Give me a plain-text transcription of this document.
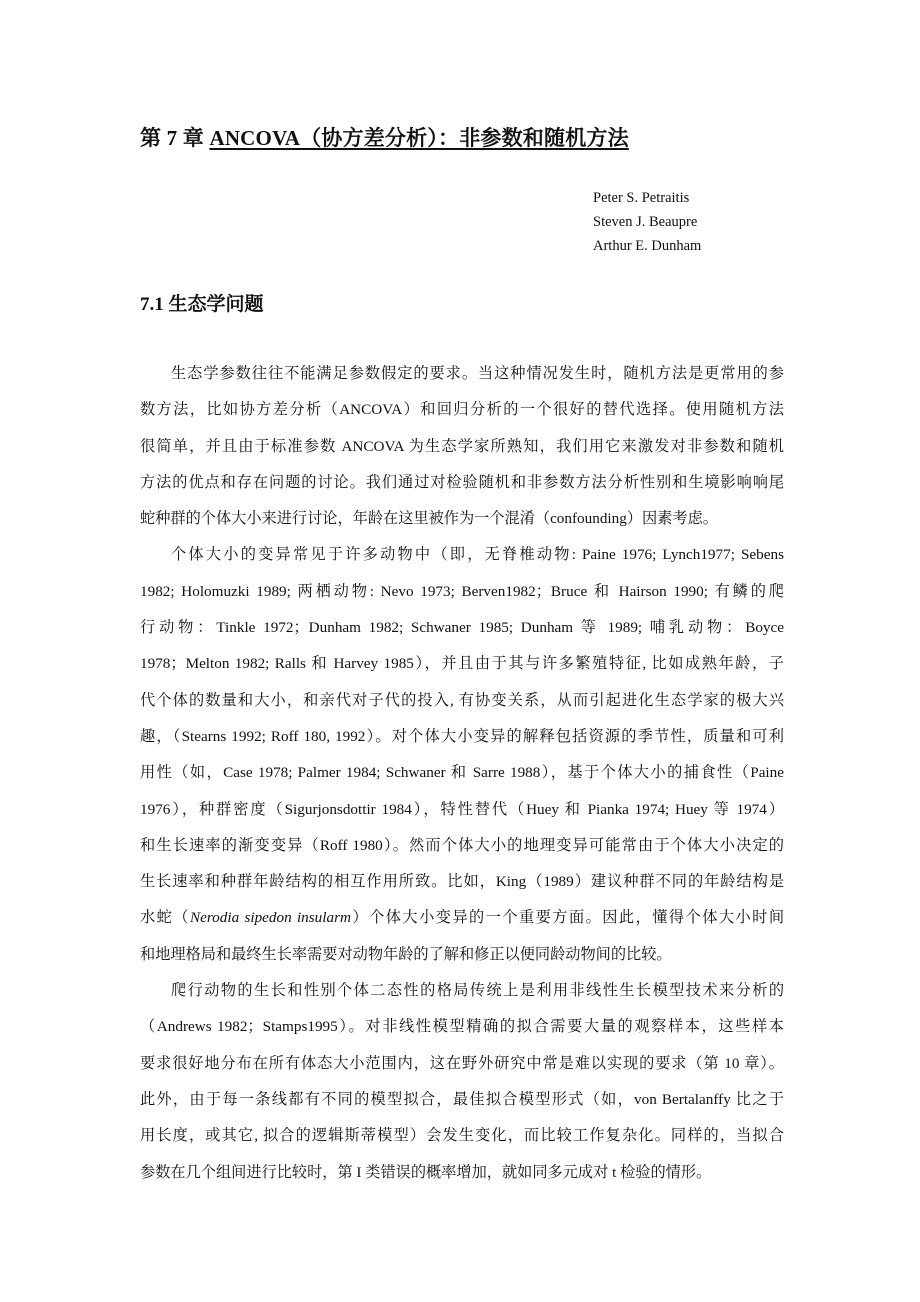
第 7 章 ANCOVA（协方差分析）：非参数和随机方法
Peter S. Petraitis
Steven J. Beaupre
Arthur E. Dunham
7.1 生态学问题

生态学参数往往不能满足参数假定的要求。当这种情况发生时，随机方法是更常用的参
数方法，比如协方差分析（ANCOVA）和回归分析的一个很好的替代选择。使用随机方法
很简单，并且由于标准参数 ANCOVA 为生态学家所熟知，我们用它来激发对非参数和随机
方法的优点和存在问题的讨论。我们通过对检验随机和非参数方法分析性别和生境影响响尾
蛇种群的个体大小来进行讨论，年龄在这里被作为一个混淆（confounding）因素考虑。

个体大小的变异常见于许多动物中（即，无脊椎动物: Paine 1976; Lynch1977; Sebens
1982; Holomuzki 1989; 两栖动物: Nevo 1973; Berven1982；Bruce 和 Hairson 1990; 有鳞的爬
行动物：Tinkle 1972；Dunham 1982; Schwaner 1985; Dunham 等 1989; 哺乳动物：Boyce
1978；Melton 1982; Ralls 和 Harvey 1985），并且由于其与许多繁殖特征, 比如成熟年龄，子
代个体的数量和大小，和亲代对子代的投入, 有协变关系，从而引起进化生态学家的极大兴
趣，（Stearns 1992; Roff 180, 1992）。对个体大小变异的解释包括资源的季节性，质量和可利
用性（如，Case 1978; Palmer 1984; Schwaner 和 Sarre 1988），基于个体大小的捕食性（Paine
1976），种群密度（Sigurjonsdottir 1984），特性替代（Huey 和 Pianka 1974; Huey 等 1974）
和生长速率的渐变变异（Roff 1980）。然而个体大小的地理变异可能常由于个体大小决定的
生长速率和种群年龄结构的相互作用所致。比如，King（1989）建议种群不同的年龄结构是
水蛇（Nerodia sipedon insularm）个体大小变异的一个重要方面。因此，懂得个体大小时间
和地理格局和最终生长率需要对动物年龄的了解和修正以便同龄动物间的比较。

爬行动物的生长和性别个体二态性的格局传统上是利用非线性生长模型技术来分析的
（Andrews 1982；Stamps1995）。对非线性模型精确的拟合需要大量的观察样本，这些样本
要求很好地分布在所有体态大小范围内，这在野外研究中常是难以实现的要求（第 10 章）。
此外，由于每一条线都有不同的模型拟合，最佳拟合模型形式（如，von Bertalanffy 比之于
用长度，或其它, 拟合的逻辑斯蒂模型）会发生变化，而比较工作复杂化。同样的，当拟合
参数在几个组间进行比较时，第 I 类错误的概率增加，就如同多元成对 t 检验的情形。
